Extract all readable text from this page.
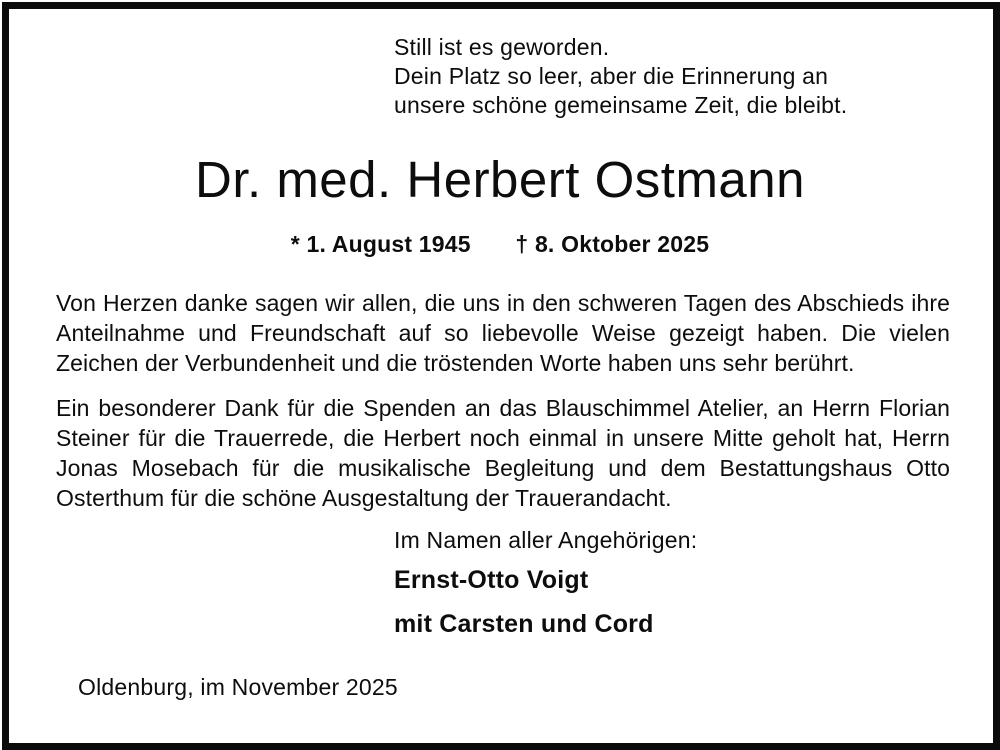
Still ist es geworden.
Dein Platz so leer, aber die Erinnerung an
unsere schöne gemeinsame Zeit, die bleibt.
Dr. med. Herbert Ostmann
* 1. August 1945 † 8. Oktober 2025

Von Herzen danke sagen wir allen, die uns in den schweren Tagen des Abschieds ihre Anteilnahme und Freundschaft auf so liebevolle Weise gezeigt haben. Die vielen Zeichen der Verbundenheit und die tröstenden Worte haben uns sehr berührt.

Ein besonderer Dank für die Spenden an das Blauschimmel Atelier, an Herrn Florian Steiner für die Trauerrede, die Herbert noch einmal in unsere Mitte geholt hat, Herrn Jonas Mosebach für die musikalische Begleitung und dem Bestattungshaus Otto Osterthum für die schöne Ausgestaltung der Trauerandacht.

Im Namen aller Angehörigen:
Ernst-Otto Voigt
mit Carsten und Cord
Oldenburg, im November 2025
